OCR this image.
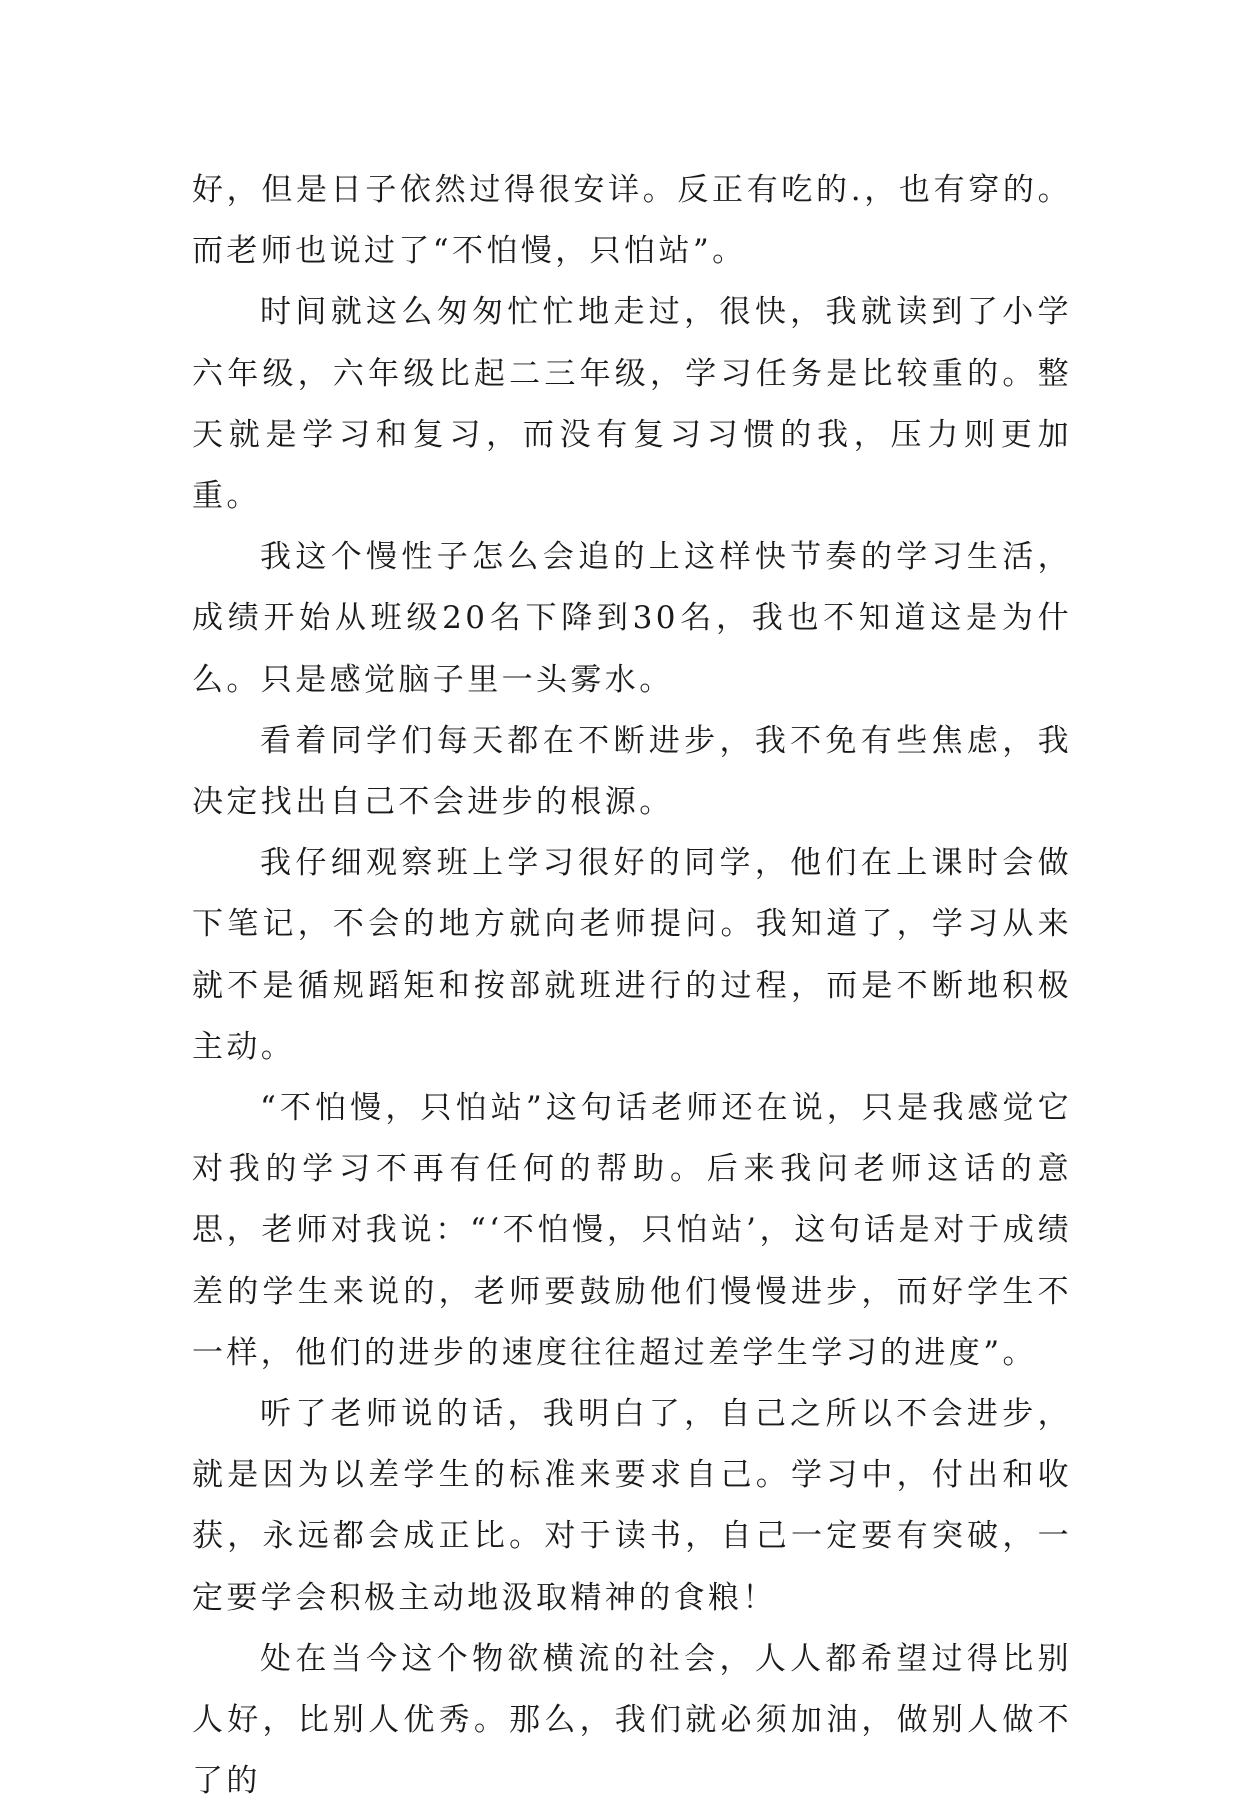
好，但是日子依然过得很安详。反正有吃的.，也有穿的。而老师也说过了“不怕慢，只怕站”。

时间就这么匆匆忙忙地走过，很快，我就读到了小学六年级，六年级比起二三年级，学习任务是比较重的。整天就是学习和复习，而没有复习习惯的我，压力则更加重。

我这个慢性子怎么会追的上这样快节奏的学习生活，成绩开始从班级20名下降到30名，我也不知道这是为什么。只是感觉脑子里一头雾水。

看着同学们每天都在不断进步，我不免有些焦虑，我决定找出自己不会进步的根源。

我仔细观察班上学习很好的同学，他们在上课时会做下笔记，不会的地方就向老师提问。我知道了，学习从来就不是循规蹈矩和按部就班进行的过程，而是不断地积极主动。

“不怕慢，只怕站”这句话老师还在说，只是我感觉它对我的学习不再有任何的帮助。后来我问老师这话的意思，老师对我说：“‘不怕慢，只怕站’，这句话是对于成绩差的学生来说的，老师要鼓励他们慢慢进步，而好学生不一样，他们的进步的速度往往超过差学生学习的进度”。

听了老师说的话，我明白了，自己之所以不会进步，就是因为以差学生的标准来要求自己。学习中，付出和收获，永远都会成正比。对于读书，自己一定要有突破，一定要学会积极主动地汲取精神的食粮！

处在当今这个物欲横流的社会，人人都希望过得比别人好，比别人优秀。那么，我们就必须加油，做别人做不了的
